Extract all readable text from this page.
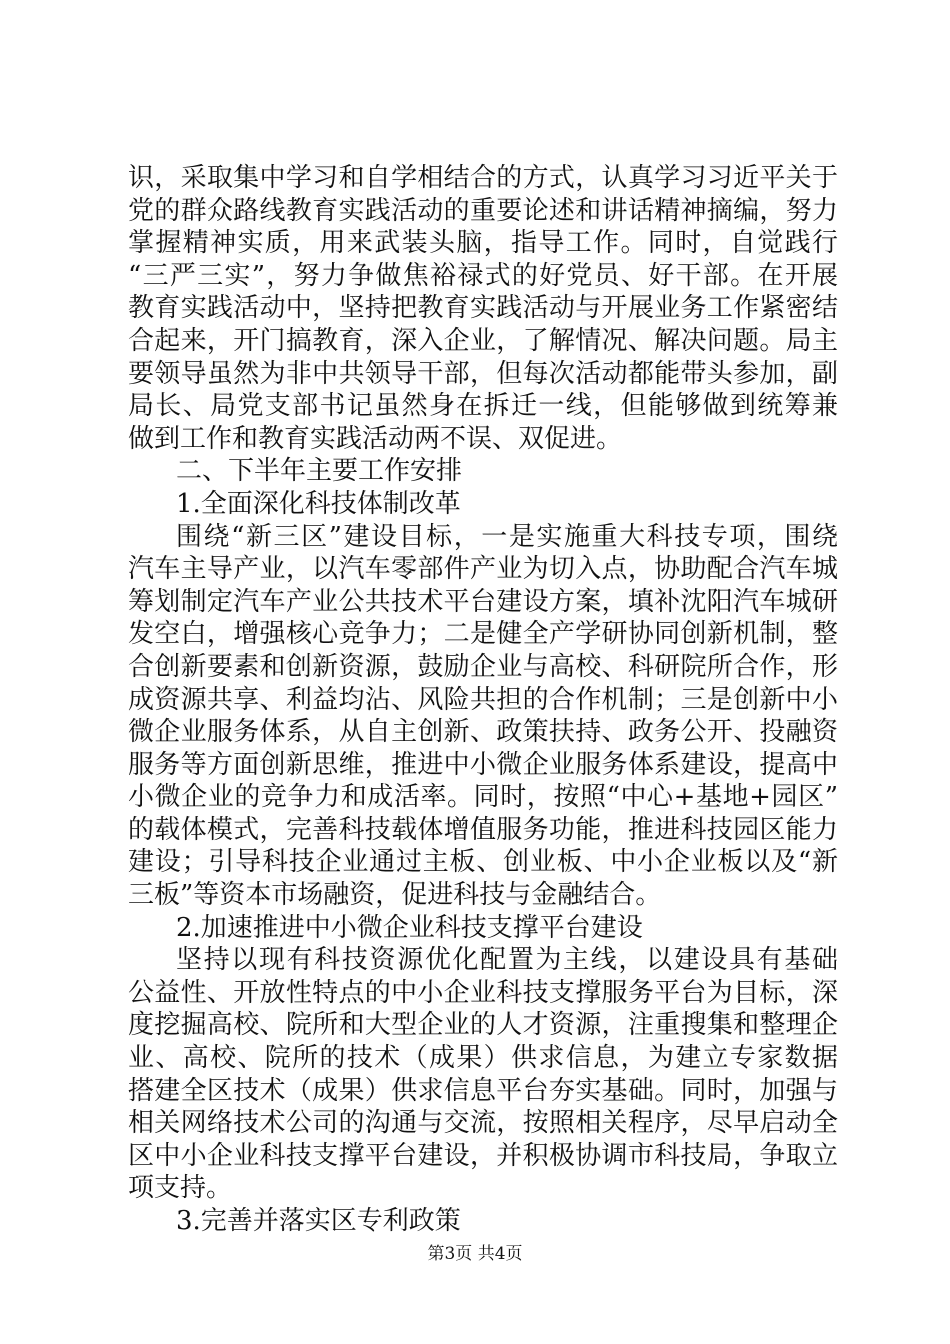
识，采取集中学习和自学相结合的方式，认真学习习近平关于
党的群众路线教育实践活动的重要论述和讲话精神摘编，努力
掌握精神实质，用来武装头脑，指导工作。同时，自觉践行
“三严三实”，努力争做焦裕禄式的好党员、好干部。在开展
教育实践活动中，坚持把教育实践活动与开展业务工作紧密结
合起来，开门搞教育，深入企业，了解情况、解决问题。局主
要领导虽然为非中共领导干部，但每次活动都能带头参加，副
局长、局党支部书记虽然身在拆迁一线，但能够做到统筹兼
做到工作和教育实践活动两不误、双促进。
二、下半年主要工作安排
1.全面深化科技体制改革
围绕“新三区”建设目标，一是实施重大科技专项，围绕
汽车主导产业，以汽车零部件产业为切入点，协助配合汽车城
筹划制定汽车产业公共技术平台建设方案，填补沈阳汽车城研
发空白，增强核心竞争力；二是健全产学研协同创新机制，整
合创新要素和创新资源，鼓励企业与高校、科研院所合作，形
成资源共享、利益均沾、风险共担的合作机制；三是创新中小
微企业服务体系，从自主创新、政策扶持、政务公开、投融资
服务等方面创新思维，推进中小微企业服务体系建设，提高中
小微企业的竞争力和成活率。同时，按照“中心+基地+园区”
的载体模式，完善科技载体增值服务功能，推进科技园区能力
建设；引导科技企业通过主板、创业板、中小企业板以及“新
三板”等资本市场融资，促进科技与金融结合。
2.加速推进中小微企业科技支撑平台建设
坚持以现有科技资源优化配置为主线，以建设具有基础
公益性、开放性特点的中小企业科技支撑服务平台为目标，深
度挖掘高校、院所和大型企业的人才资源，注重搜集和整理企
业、高校、院所的技术（成果）供求信息，为建立专家数据
搭建全区技术（成果）供求信息平台夯实基础。同时，加强与
相关网络技术公司的沟通与交流，按照相关程序，尽早启动全
区中小企业科技支撑平台建设，并积极协调市科技局，争取立
项支持。
3.完善并落实区专利政策
第3页 共4页
